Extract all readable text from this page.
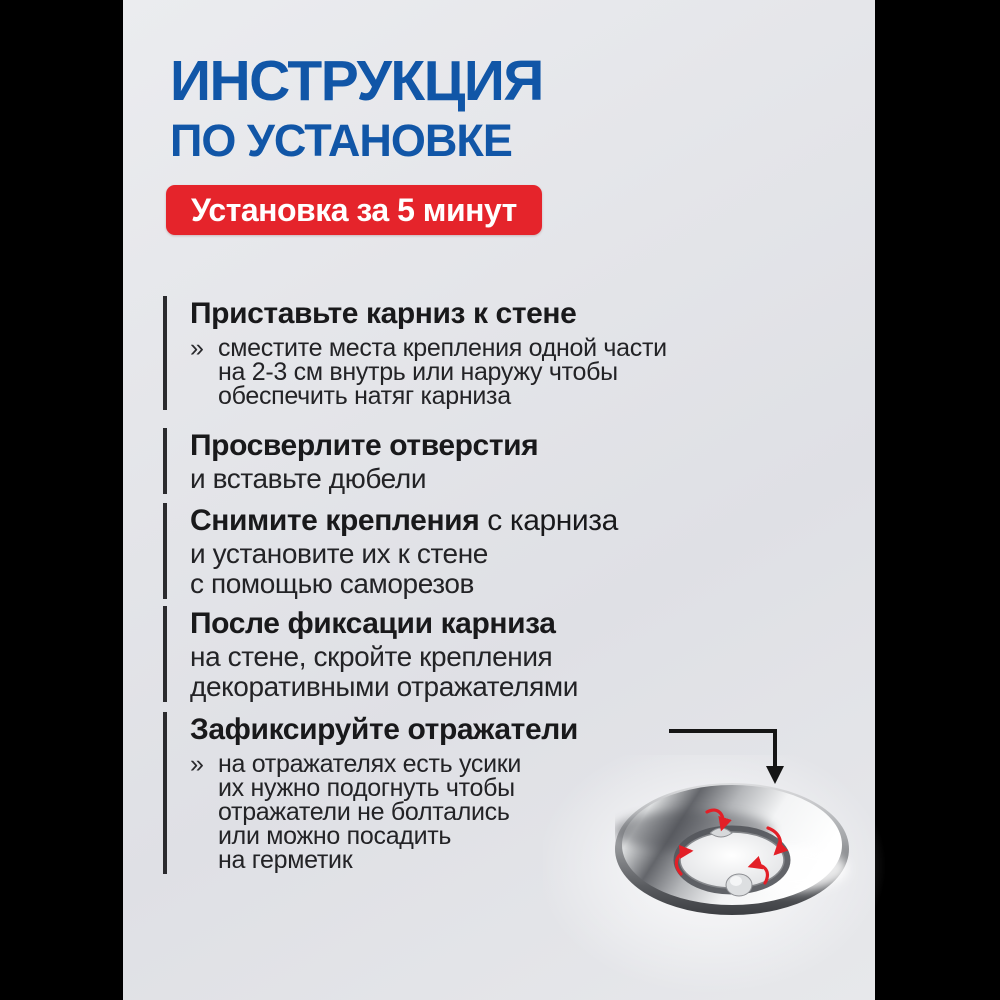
ИНСТРУКЦИЯ
ПО УСТАНОВКЕ
Установка за 5 минут
Приставьте карниз к стене
» сместите места крепления одной части
на 2-3 см внутрь или наружу чтобы
обеспечить натяг карниза
Просверлите отверстия
и вставьте дюбели
Снимите крепления с карниза
и установите их к стене
с помощью саморезов
После фиксации карниза
на стене, скройте крепления
декоративными отражателями
Зафиксируйте отражатели
» на отражателях есть усики
их нужно подогнуть чтобы
отражатели не болтались
или можно посадить
на герметик
